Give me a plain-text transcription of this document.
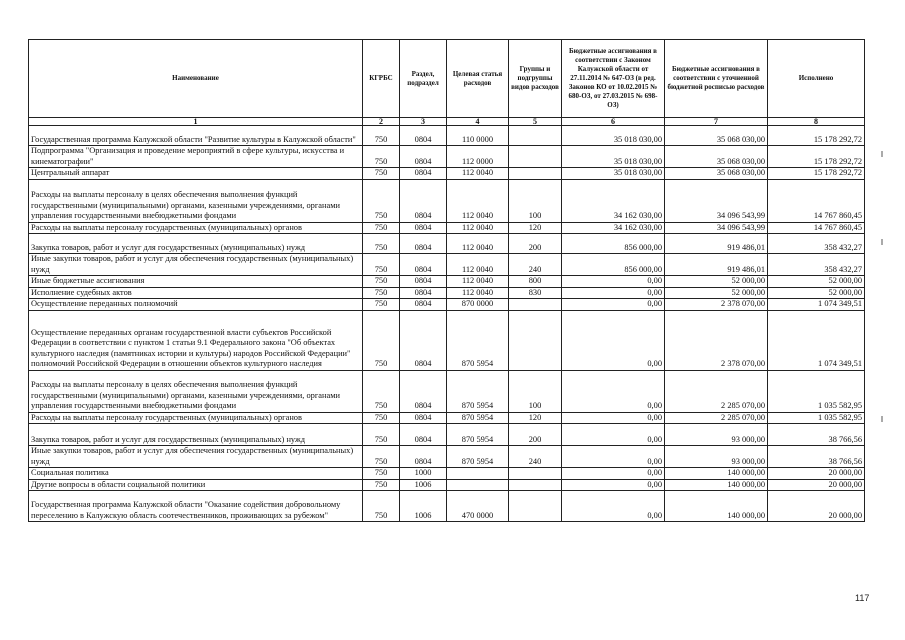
Наименование	КГРБС	Раздел, подраздел	Целевая статья расходов	Группы и подгруппы видов расходов	Бюджетные ассигнования в соответствии с Законом Калужской области от 27.11.2014 № 647-ОЗ (в ред. Законов КО от 10.02.2015 № 680-ОЗ, от 27.03.2015 № 698-ОЗ)	Бюджетные ассигнования в соответствии с уточненной бюджетной росписью расходов	Исполнено
1	2	3	4	5	6	7	8
Государственная программа Калужской области "Развитие культуры в Калужской области"	750	0804	110 0000		35 018 030,00	35 068 030,00	15 178 292,72
Подпрограмма "Организация и проведение мероприятий в сфере культуры, искусства и кинематографии"	750	0804	112 0000		35 018 030,00	35 068 030,00	15 178 292,72
Центральный аппарат	750	0804	112 0040		35 018 030,00	35 068 030,00	15 178 292,72
Расходы на выплаты персоналу в целях обеспечения выполнения функций государственными (муниципальными) органами, казенными учреждениями, органами управления государственными внебюджетными фондами	750	0804	112 0040	100	34 162 030,00	34 096 543,99	14 767 860,45
Расходы на выплаты персоналу государственных (муниципальных) органов	750	0804	112 0040	120	34 162 030,00	34 096 543,99	14 767 860,45
Закупка товаров, работ и услуг для государственных (муниципальных) нужд	750	0804	112 0040	200	856 000,00	919 486,01	358 432,27
Иные закупки товаров, работ и услуг для обеспечения государственных (муниципальных) нужд	750	0804	112 0040	240	856 000,00	919 486,01	358 432,27
Иные бюджетные ассигнования	750	0804	112 0040	800	0,00	52 000,00	52 000,00
Исполнение судебных актов	750	0804	112 0040	830	0,00	52 000,00	52 000,00
Осуществление переданных полномочий	750	0804	870 0000		0,00	2 378 070,00	1 074 349,51
Осуществление переданных органам государственной власти субъектов Российской Федерации в соответствии с пунктом 1 статьи 9.1 Федерального закона "Об объектах культурного наследия (памятниках истории и культуры) народов Российской Федерации" полномочий Российской Федерации в отношении объектов культурного наследия	750	0804	870 5954		0,00	2 378 070,00	1 074 349,51
Расходы на выплаты персоналу в целях обеспечения выполнения функций государственными (муниципальными) органами, казенными учреждениями, органами управления государственными внебюджетными фондами	750	0804	870 5954	100	0,00	2 285 070,00	1 035 582,95
Расходы на выплаты персоналу государственных (муниципальных) органов	750	0804	870 5954	120	0,00	2 285 070,00	1 035 582,95
Закупка товаров, работ и услуг для государственных (муниципальных) нужд	750	0804	870 5954	200	0,00	93 000,00	38 766,56
Иные закупки товаров, работ и услуг для обеспечения государственных (муниципальных) нужд	750	0804	870 5954	240	0,00	93 000,00	38 766,56
Социальная политика	750	1000			0,00	140 000,00	20 000,00
Другие вопросы в области социальной политики	750	1006			0,00	140 000,00	20 000,00
Государственная программа Калужской области "Оказание содействия добровольному переселению в Калужскую область соотечественников, проживающих за рубежом"	750	1006	470 0000		0,00	140 000,00	20 000,00
117
